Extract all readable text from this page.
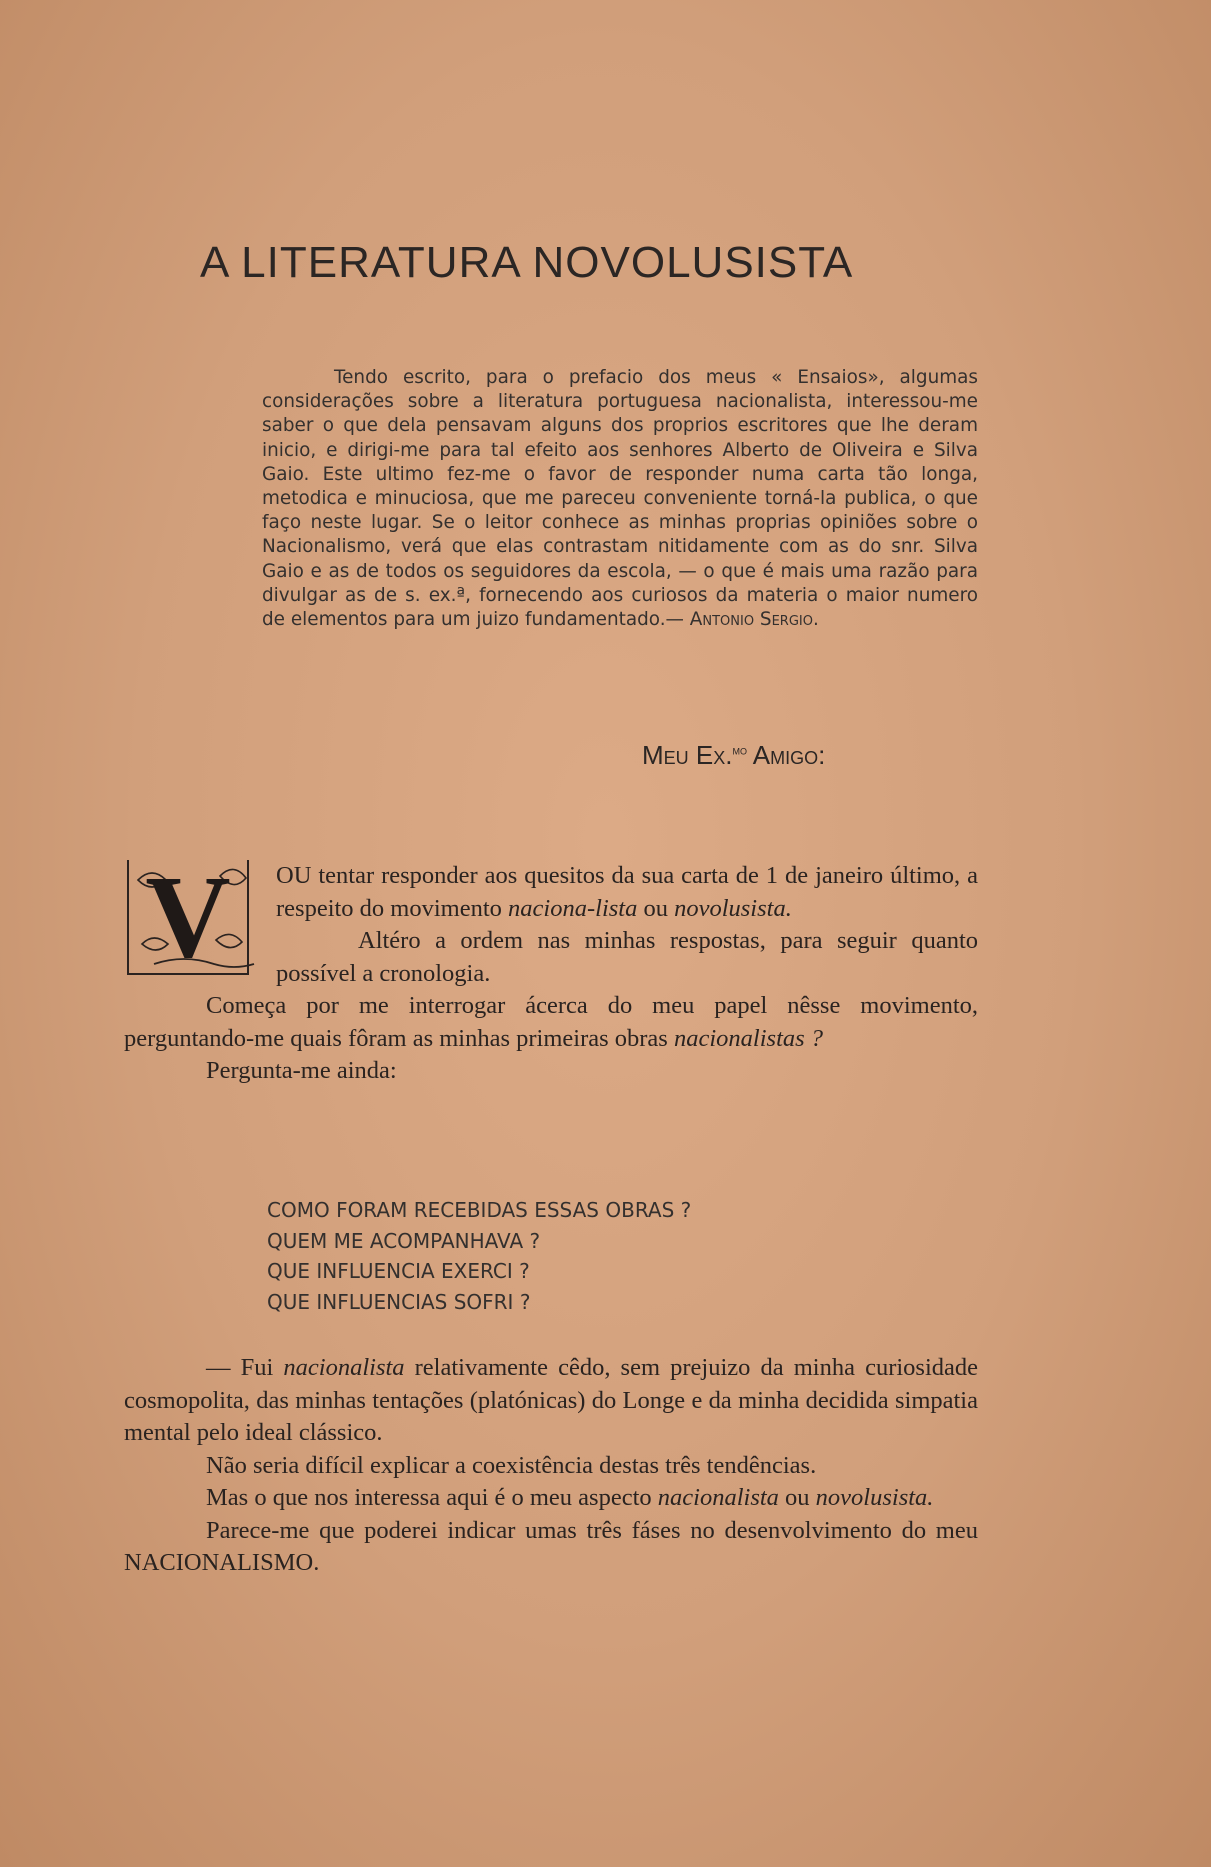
A LITERATURA NOVOLUSISTA

Tendo escrito, para o prefacio dos meus « Ensaios», algumas considerações sobre a literatura portuguesa nacionalista, interessou-me saber o que dela pensavam alguns dos proprios escritores que lhe deram inicio, e dirigi-me para tal efeito aos senhores Alberto de Oliveira e Silva Gaio. Este ultimo fez-me o favor de responder numa carta tão longa, metodica e minuciosa, que me pareceu conveniente torná-la publica, o que faço neste lugar. Se o leitor conhece as minhas proprias opiniões sobre o Nacionalismo, verá que elas contrastam nitidamente com as do snr. Silva Gaio e as de todos os seguidores da escola, — o que é mais uma razão para divulgar as de s. ex.ª, fornecendo aos curiosos da materia o maior numero de elementos para um juizo fundamentado.— Antonio Sergio.

Meu Ex.$^{mo}$ Amigo:
V	OU tentar responder aos quesitos da sua carta de 1 de janeiro último, a respeito do movimento naciona-lista ou novolusista.

Altéro a ordem nas minhas respostas, para seguir quanto possível a cronologia.

Começa por me interrogar ácerca do meu papel nêsse movimento, perguntando-me quais fôram as minhas primeiras obras nacionalistas ?

Pergunta-me ainda:

COMO FORAM RECEBIDAS ESSAS OBRAS ?
QUEM ME ACOMPANHAVA ?
QUE INFLUENCIA EXERCI ?
QUE INFLUENCIAS SOFRI ?

— Fui nacionalista relativamente cêdo, sem prejuizo da minha curiosidade cosmopolita, das minhas tentações (platónicas) do Longe e da minha decidida simpatia mental pelo ideal clássico.

Não seria difícil explicar a coexistência destas três tendências.

Mas o que nos interessa aqui é o meu aspecto nacionalista ou novolusista.

Parece-me que poderei indicar umas três fáses no desenvolvimento do meu NACIONALISMO.
